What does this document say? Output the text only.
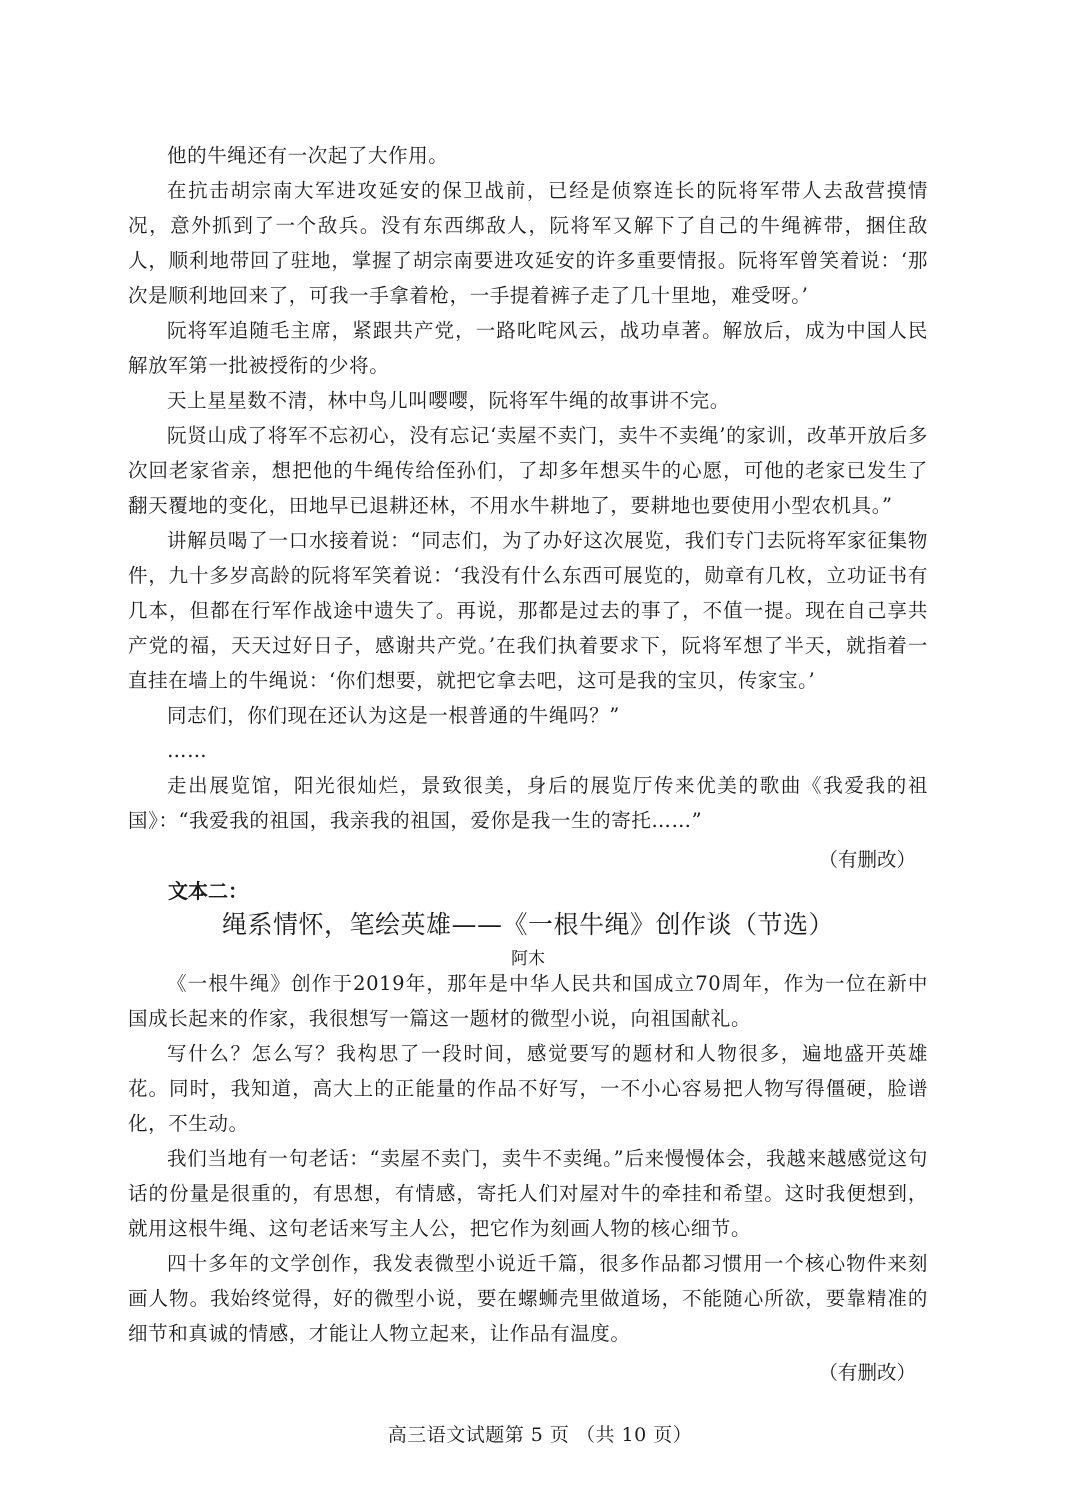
他的牛绳还有一次起了大作用。

在抗击胡宗南大军进攻延安的保卫战前，已经是侦察连长的阮将军带人去敌营摸情况，意外抓到了一个敌兵。没有东西绑敌人，阮将军又解下了自己的牛绳裤带，捆住敌人，顺利地带回了驻地，掌握了胡宗南要进攻延安的许多重要情报。阮将军曾笑着说：‘那次是顺利地回来了，可我一手拿着枪，一手提着裤子走了几十里地，难受呀。’

阮将军追随毛主席，紧跟共产党，一路叱咤风云，战功卓著。解放后，成为中国人民解放军第一批被授衔的少将。

天上星星数不清，林中鸟儿叫嘤嘤，阮将军牛绳的故事讲不完。

阮贤山成了将军不忘初心，没有忘记‘卖屋不卖门，卖牛不卖绳’的家训，改革开放后多次回老家省亲，想把他的牛绳传给侄孙们，了却多年想买牛的心愿，可他的老家已发生了翻天覆地的变化，田地早已退耕还林，不用水牛耕地了，要耕地也要使用小型农机具。”

讲解员喝了一口水接着说：“同志们，为了办好这次展览，我们专门去阮将军家征集物件，九十多岁高龄的阮将军笑着说：‘我没有什么东西可展览的，勋章有几枚，立功证书有几本，但都在行军作战途中遗失了。再说，那都是过去的事了，不值一提。现在自己享共产党的福，天天过好日子，感谢共产党。’在我们执着要求下，阮将军想了半天，就指着一直挂在墙上的牛绳说：‘你们想要，就把它拿去吧，这可是我的宝贝，传家宝。’

同志们，你们现在还认为这是一根普通的牛绳吗？”

……

走出展览馆，阳光很灿烂，景致很美，身后的展览厅传来优美的歌曲《我爱我的祖国》：“我爱我的祖国，我亲我的祖国，爱你是我一生的寄托……”

（有删改）
文本二：
绳系情怀，笔绘英雄——《一根牛绳》创作谈（节选）
阿木

《一根牛绳》创作于2019年，那年是中华人民共和国成立70周年，作为一位在新中国成长起来的作家，我很想写一篇这一题材的微型小说，向祖国献礼。

写什么？怎么写？我构思了一段时间，感觉要写的题材和人物很多，遍地盛开英雄花。同时，我知道，高大上的正能量的作品不好写，一不小心容易把人物写得僵硬，脸谱化，不生动。

我们当地有一句老话：“卖屋不卖门，卖牛不卖绳。”后来慢慢体会，我越来越感觉这句话的份量是很重的，有思想，有情感，寄托人们对屋对牛的牵挂和希望。这时我便想到，就用这根牛绳、这句老话来写主人公，把它作为刻画人物的核心细节。

四十多年的文学创作，我发表微型小说近千篇，很多作品都习惯用一个核心物件来刻画人物。我始终觉得，好的微型小说，要在螺蛳壳里做道场，不能随心所欲，要靠精准的细节和真诚的情感，才能让人物立起来，让作品有温度。

（有删改）
高三语文试题第 5 页 （共 10 页）
